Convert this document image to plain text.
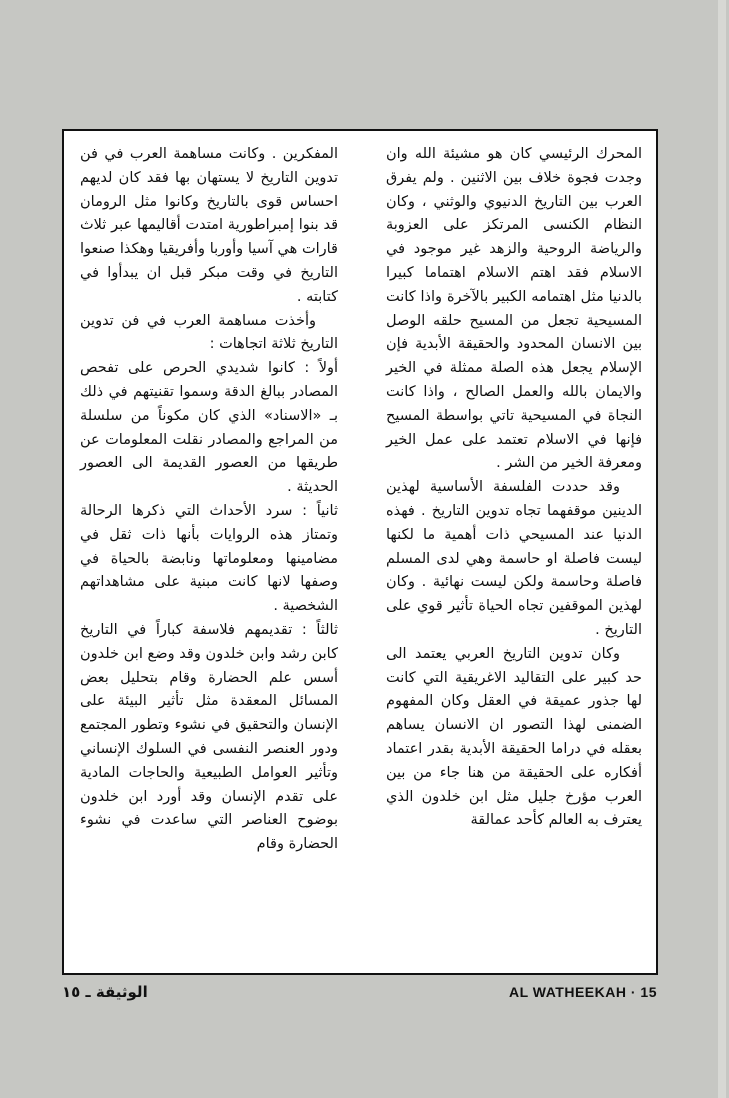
المحرك الرئيسي كان هو مشيئة الله وان وجدت فجوة خلاف بين الاثنين . ولم يفرق العرب بين التاريخ الدنيوي والوثني ، وكان النظام الكنسى المرتكز على العزوبة والرياضة الروحية والزهد غير موجود في الاسلام فقد اهتم الاسلام اهتماما كبيرا بالدنيا مثل اهتمامه الكبير بالآخرة واذا كانت المسيحية تجعل من المسيح حلقه الوصل بين الانسان المحدود والحقيقة الأبدية فإن الإسلام يجعل هذه الصلة ممثلة في الخير والايمان بالله والعمل الصالح ، واذا كانت النجاة في المسيحية تاتي بواسطة المسيح فإنها في الاسلام تعتمد على عمل الخير ومعرفة الخير من الشر .

وقد حددت الفلسفة الأساسية لهذين الدينين موقفهما تجاه تدوين التاريخ . فهذه الدنيا عند المسيحي ذات أهمية ما لكنها ليست فاصلة او حاسمة وهي لدى المسلم فاصلة وحاسمة ولكن ليست نهائية . وكان لهذين الموقفين تجاه الحياة تأثير قوي على التاريخ .

وكان تدوين التاريخ العربي يعتمد الى حد كبير على التقاليد الاغريقية التي كانت لها جذور عميقة في العقل وكان المفهوم الضمنى لهذا التصور ان الانسان يساهم بعقله في دراما الحقيقة الأبدية بقدر اعتماد أفكاره على الحقيقة من هنا جاء من بين العرب مؤرخ جليل مثل ابن خلدون الذي يعترف به العالم كأحد عمالقة

المفكرين . وكانت مساهمة العرب في فن تدوين التاريخ لا يستهان بها فقد كان لديهم احساس قوى بالتاريخ وكانوا مثل الرومان قد بنوا إمبراطورية امتدت أقاليمها عبر ثلاث قارات هي آسيا وأوربا وأفريقيا وهكذا صنعوا التاريخ في وقت مبكر قبل ان يبدأوا في كتابته .

وأخذت مساهمة العرب في فن تدوين التاريخ ثلاثة اتجاهات :

أولاً : كانوا شديدي الحرص على تفحص المصادر ببالغ الدقة وسموا تقنيتهم في ذلك بـ «الاسناد» الذي كان مكوناً من سلسلة من المراجع والمصادر نقلت المعلومات عن طريقها من العصور القديمة الى العصور الحديثة .

ثانياً : سرد الأحداث التي ذكرها الرحالة وتمتاز هذه الروايات بأنها ذات ثقل في مضامينها ومعلوماتها ونابضة بالحياة في وصفها لانها كانت مبنية على مشاهداتهم الشخصية .

ثالثاً : تقديمهم فلاسفة كباراً في التاريخ كابن رشد وابن خلدون وقد وضع ابن خلدون أسس علم الحضارة وقام بتحليل بعض المسائل المعقدة مثل تأثير البيئة على الإنسان والتحقيق في نشوء وتطور المجتمع ودور العنصر النفسى في السلوك الإنساني وتأثير العوامل الطبيعية والحاجات المادية على تقدم الإنسان وقد أورد ابن خلدون بوضوح العناصر التي ساعدت في نشوء الحضارة وقام

الوثيقة ـ ١٥	AL WATHEEKAH · 15
